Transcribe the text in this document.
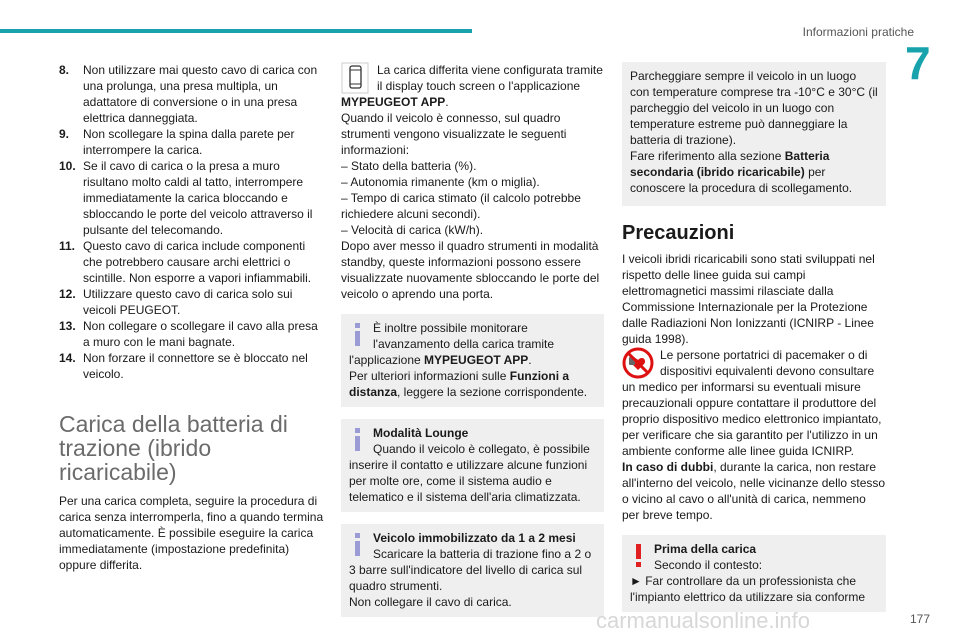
Informazioni pratiche
7
8.	Non utilizzare mai questo cavo di carica con una prolunga, una presa multipla, un adattatore di conversione o in una presa elettrica danneggiata.
9.	Non scollegare la spina dalla parete per interrompere la carica.
10. Se il cavo di carica o la presa a muro risultano molto caldi al tatto, interrompere immediatamente la carica bloccando e sbloccando le porte del veicolo attraverso il pulsante del telecomando.
11. Questo cavo di carica include componenti che potrebbero causare archi elettrici o scintille. Non esporre a vapori infiammabili.
12. Utilizzare questo cavo di carica solo sui veicoli PEUGEOT.
13. Non collegare o scollegare il cavo alla presa a muro con le mani bagnate.
14. Non forzare il connettore se è bloccato nel veicolo.
Carica della batteria di trazione (ibrido ricaricabile)

Per una carica completa, seguire la procedura di carica senza interromperla, fino a quando termina automaticamente. È possibile eseguire la carica immediatamente (impostazione predefinita) oppure differita.

La carica differita viene configurata tramite il display touch screen o l'applicazione MYPEUGEOT APP.

Quando il veicolo è connesso, sul quadro strumenti vengono visualizzate le seguenti informazioni:

– Stato della batteria (%).
– Autonomia rimanente (km o miglia).
– Tempo di carica stimato (il calcolo potrebbe richiedere alcuni secondi).
– Velocità di carica (kW/h).

Dopo aver messo il quadro strumenti in modalità standby, queste informazioni possono essere visualizzate nuovamente sbloccando le porte del veicolo o aprendo una porta.

È inoltre possibile monitorare l'avanzamento della carica tramite l'applicazione MYPEUGEOT APP.
Per ulteriori informazioni sulle Funzioni a distanza, leggere la sezione corrispondente.
Modalità Lounge
Quando il veicolo è collegato, è possibile inserire il contatto e utilizzare alcune funzioni per molte ore, come il sistema audio e telematico e il sistema dell'aria climatizzata.
Veicolo immobilizzato da 1 a 2 mesi
Scaricare la batteria di trazione fino a 2 o 3 barre sull'indicatore del livello di carica sul quadro strumenti.
Non collegare il cavo di carica.
Parcheggiare sempre il veicolo in un luogo con temperature comprese tra -10°C e 30°C (il parcheggio del veicolo in un luogo con temperature estreme può danneggiare la batteria di trazione).
Fare riferimento alla sezione Batteria secondaria (ibrido ricaricabile) per conoscere la procedura di scollegamento.
Precauzioni

I veicoli ibridi ricaricabili sono stati sviluppati nel rispetto delle linee guida sui campi elettromagnetici massimi rilasciate dalla Commissione Internazionale per la Protezione dalle Radiazioni Non Ionizzanti (ICNIRP - Linee guida 1998).

Le persone portatrici di pacemaker o di dispositivi equivalenti devono consultare un medico per informarsi su eventuali misure precauzionali oppure contattare il produttore del proprio dispositivo medico elettronico impiantato, per verificare che sia garantito per l'utilizzo in un ambiente conforme alle linee guida ICNIRP.

In caso di dubbi, durante la carica, non restare all'interno del veicolo, nelle vicinanze dello stesso o vicino al cavo o all'unità di carica, nemmeno per breve tempo.

Prima della carica
Secondo il contesto:
► Far controllare da un professionista che l'impianto elettrico da utilizzare sia conforme
carmanualsonline.info	177
